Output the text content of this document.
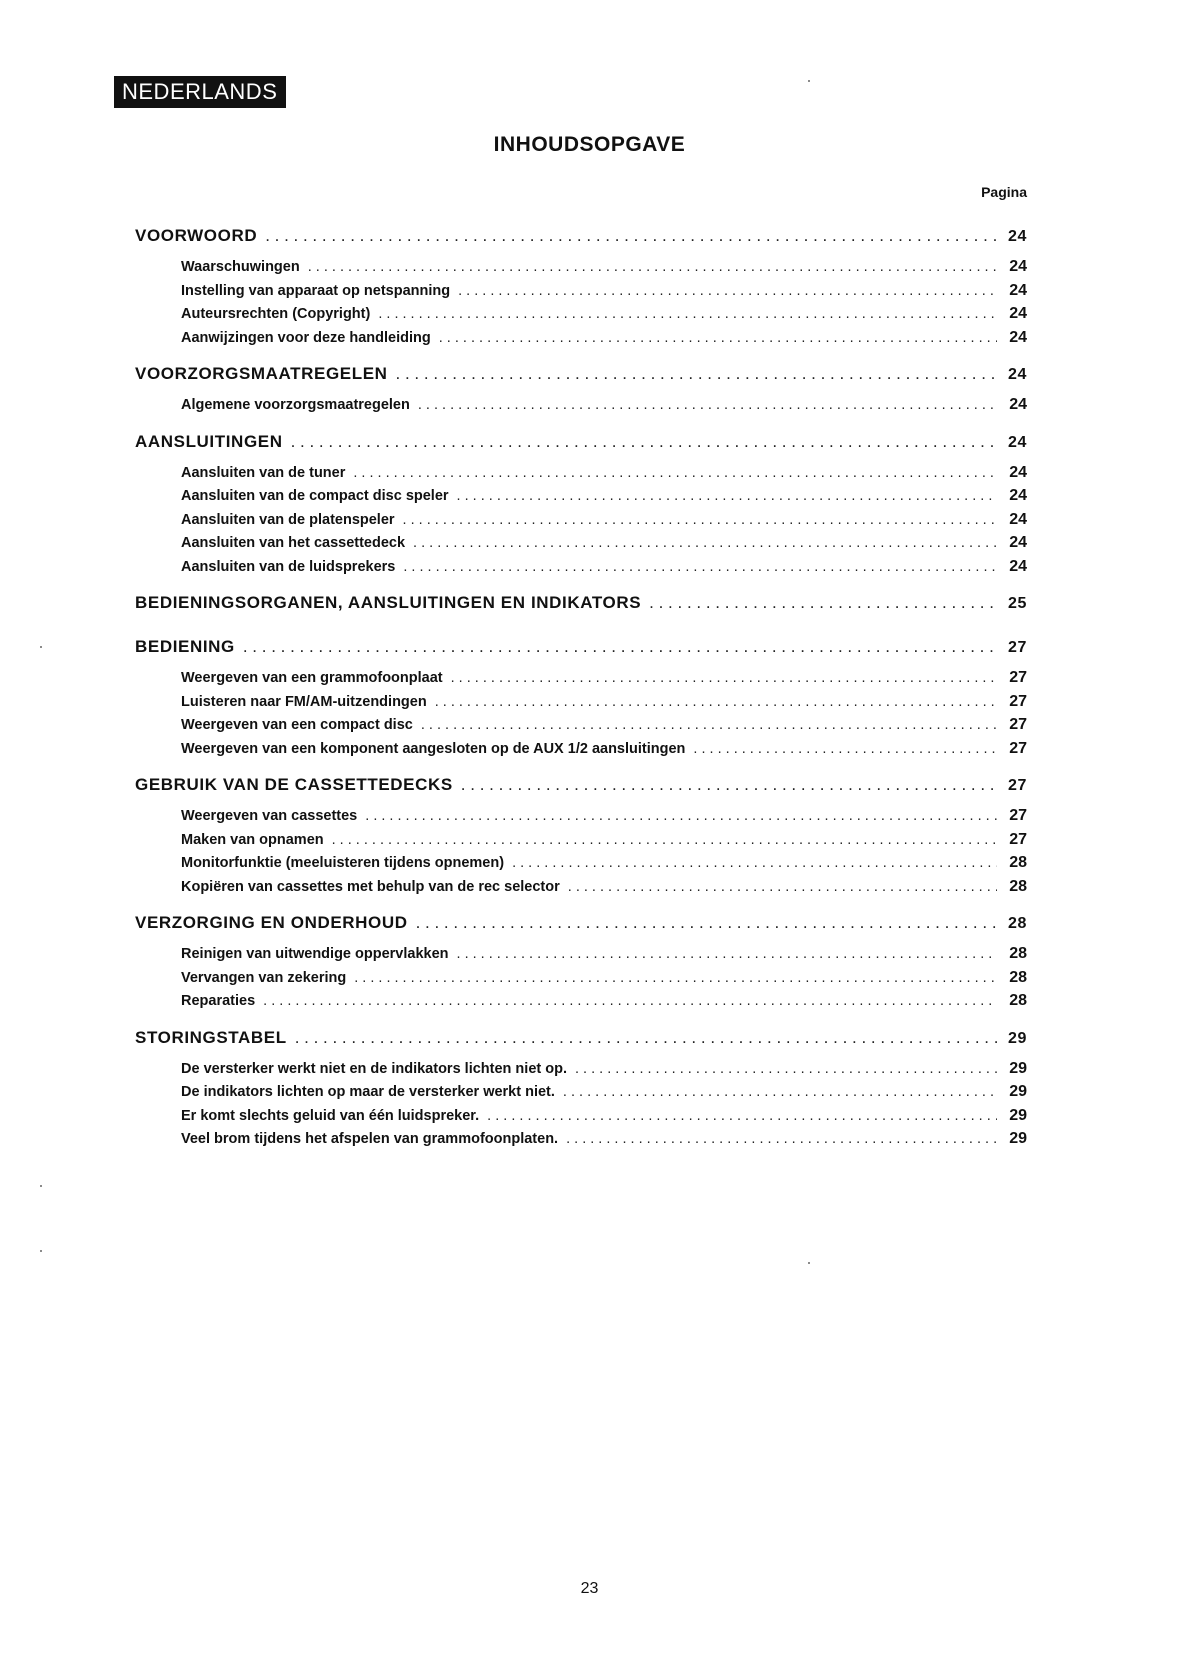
NEDERLANDS
INHOUDSOPGAVE
Pagina
VOORWOORD . . .	24
Waarschuwingen . . .	24
Instelling van apparaat op netspanning . . .	24
Auteursrechten (Copyright) . . .	24
Aanwijzingen voor deze handleiding . . .	24
VOORZORGSMAATREGELEN . . .	24
Algemene voorzorgsmaatregelen . . .	24
AANSLUITINGEN . . .	24
Aansluiten van de tuner . . .	24
Aansluiten van de compact disc speler . . .	24
Aansluiten van de platenspeler . . .	24
Aansluiten van het cassettedeck . . .	24
Aansluiten van de luidsprekers . . .	24
BEDIENINGSORGANEN, AANSLUITINGEN EN INDIKATORS . . .	25
BEDIENING . . .	27
Weergeven van een grammofoonplaat . . .	27
Luisteren naar FM/AM-uitzendingen . . .	27
Weergeven van een compact disc . . .	27
Weergeven van een komponent aangesloten op de AUX 1/2 aansluitingen . . .	27
GEBRUIK VAN DE CASSETTEDECKS . . .	27
Weergeven van cassettes . . .	27
Maken van opnamen . . .	27
Monitorfunktie (meeluisteren tijdens opnemen) . . .	28
Kopiëren van cassettes met behulp van de rec selector . . .	28
VERZORGING EN ONDERHOUD . . .	28
Reinigen van uitwendige oppervlakken . . .	28
Vervangen van zekering . . .	28
Reparaties . . .	28
STORINGSTABEL . . .	29
De versterker werkt niet en de indikators lichten niet op. . . .	29
De indikators lichten op maar de versterker werkt niet. . . .	29
Er komt slechts geluid van één luidspreker. . . .	29
Veel brom tijdens het afspelen van grammofoonplaten. . . .	29
23
